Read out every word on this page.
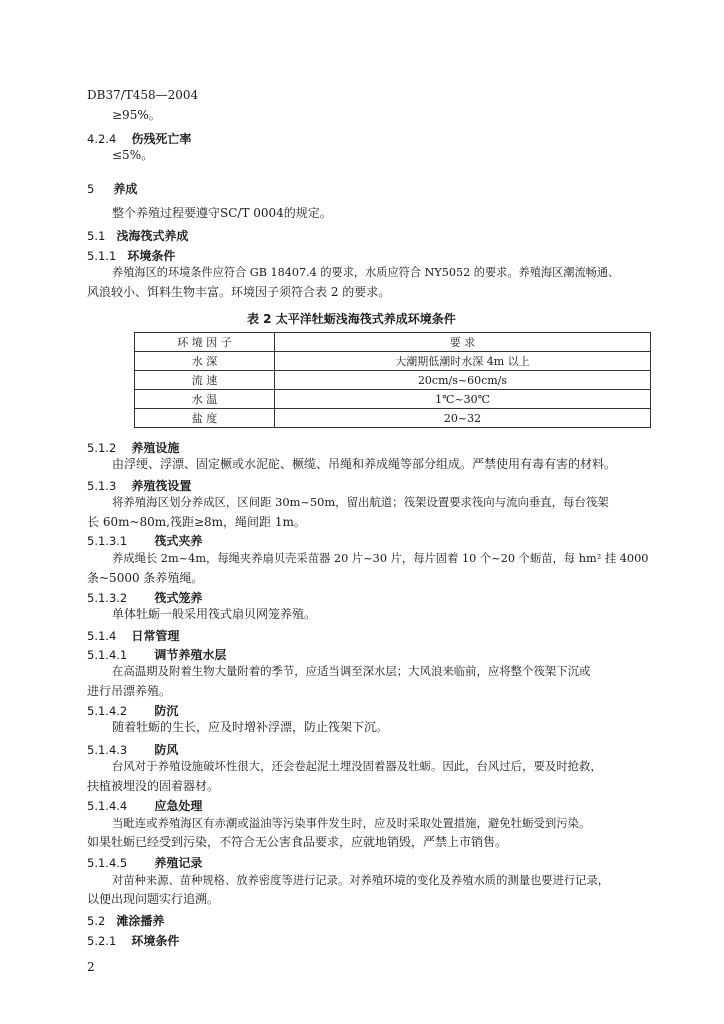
DB37/T458—2004
≥95%。
4.2.4 伤残死亡率
≤5%。
5 养成
整个养殖过程要遵守SC/T 0004的规定。
5.1 浅海筏式养成
5.1.1 环境条件
养殖海区的环境条件应符合 GB 18407.4 的要求，水质应符合 NY5052 的要求。养殖海区潮流畅通、
风浪较小、饵料生物丰富。环境因子须符合表 2 的要求。
表 2 太平洋牡蛎浅海筏式养成环境条件
环 境 因 子	要 求
水 深	大潮期低潮时水深 4m 以上
流 速	20cm/s~60cm/s
水 温	1℃~30℃
盐 度	20~32
5.1.2 养殖设施
由浮绠、浮漂、固定橛或水泥砣、橛缆、吊绳和养成绳等部分组成。严禁使用有毒有害的材料。
5.1.3 养殖筏设置
将养殖海区划分养成区，区间距 30m~50m，留出航道；筏架设置要求筏向与流向垂直，每台筏架
长 60m~80m,筏距≥8m，绳间距 1m。
5.1.3.1 筏式夹养
养成绳长 2m~4m，每绳夹养扇贝壳采苗器 20 片~30 片，每片固着 10 个~20 个蛎苗，每 hm² 挂 4000
条~5000 条养殖绳。
5.1.3.2 筏式笼养
单体牡蛎一般采用筏式扇贝网笼养殖。
5.1.4 日常管理
5.1.4.1 调节养殖水层
在高温期及附着生物大量附着的季节，应适当调至深水层；大风浪来临前，应将整个筏架下沉或
进行吊漂养殖。
5.1.4.2 防沉
随着牡蛎的生长，应及时增补浮漂，防止筏架下沉。
5.1.4.3 防风
台风对于养殖设施破坏性很大，还会卷起泥土埋没固着器及牡蛎。因此，台风过后，要及时抢救，
扶植被埋没的固着器材。
5.1.4.4 应急处理
当毗连或养殖海区有赤潮或溢油等污染事件发生时，应及时采取处置措施，避免牡蛎受到污染。
如果牡蛎已经受到污染，不符合无公害食品要求，应就地销毁，严禁上市销售。
5.1.4.5 养殖记录
对苗种来源、苗种规格、放养密度等进行记录。对养殖环境的变化及养殖水质的测量也要进行记录，
以便出现问题实行追溯。
5.2 滩涂播养
5.2.1 环境条件
2
